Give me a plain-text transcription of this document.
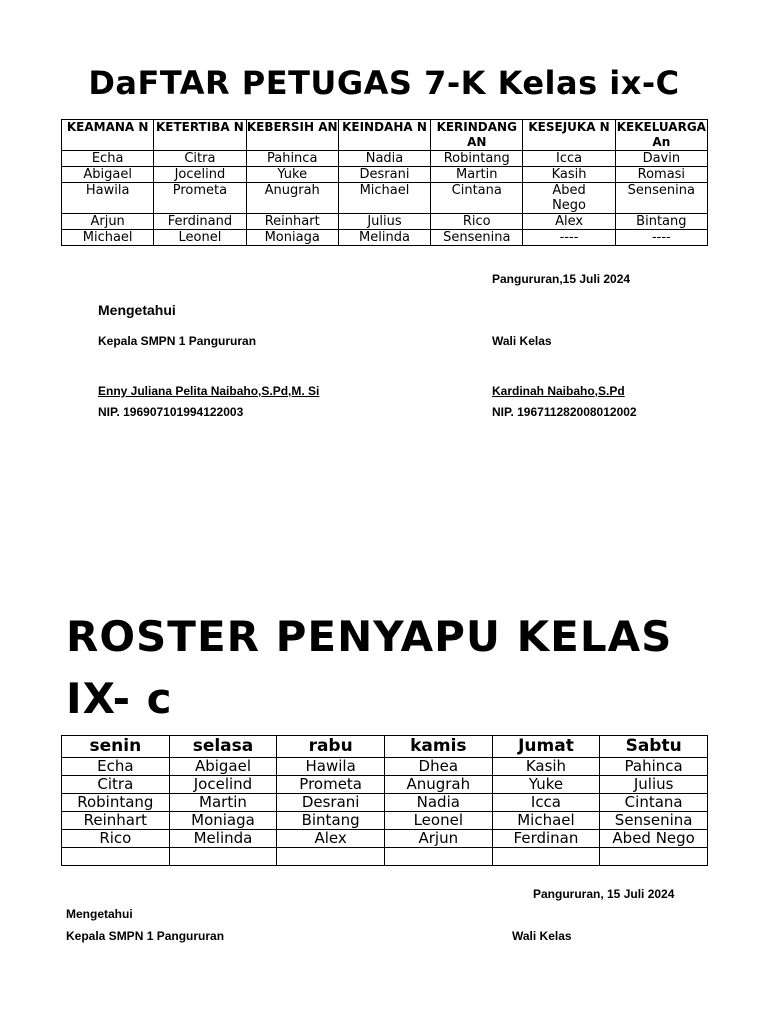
DaFTAR PETUGAS 7-K Kelas ix-C
KEAMANA N	KETERTIBA N	KEBERSIH AN	KEINDAHA N	KERINDANG AN	KESEJUKA N	KEKELUARGA An
Echa	Citra	Pahinca	Nadia	Robintang	Icca	Davin
Abigael	Jocelind	Yuke	Desrani	Martin	Kasih	Romasi
Hawila	Prometa	Anugrah	Michael	Cintana	Abed Nego	Sensenina
Arjun	Ferdinand	Reinhart	Julius	Rico	Alex	Bintang
Michael	Leonel	Moniaga	Melinda	Sensenina	----	----
Pangururan,15 Juli 2024
Mengetahui
Kepala SMPN 1 Pangururan	Wali Kelas
Enny Juliana Pelita Naibaho,S.Pd,M. Si	Kardinah Naibaho,S.Pd
NIP. 196907101994122003	NIP. 196711282008012002
ROSTER PENYAPU KELAS IX- c
senin	selasa	rabu	kamis	Jumat	Sabtu
Echa	Abigael	Hawila	Dhea	Kasih	Pahinca
Citra	Jocelind	Prometa	Anugrah	Yuke	Julius
Robintang	Martin	Desrani	Nadia	Icca	Cintana
Reinhart	Moniaga	Bintang	Leonel	Michael	Sensenina
Rico	Melinda	Alex	Arjun	Ferdinan	Abed Nego

Pangururan, 15 Juli 2024
Mengetahui
Kepala SMPN 1 Pangururan	Wali Kelas
